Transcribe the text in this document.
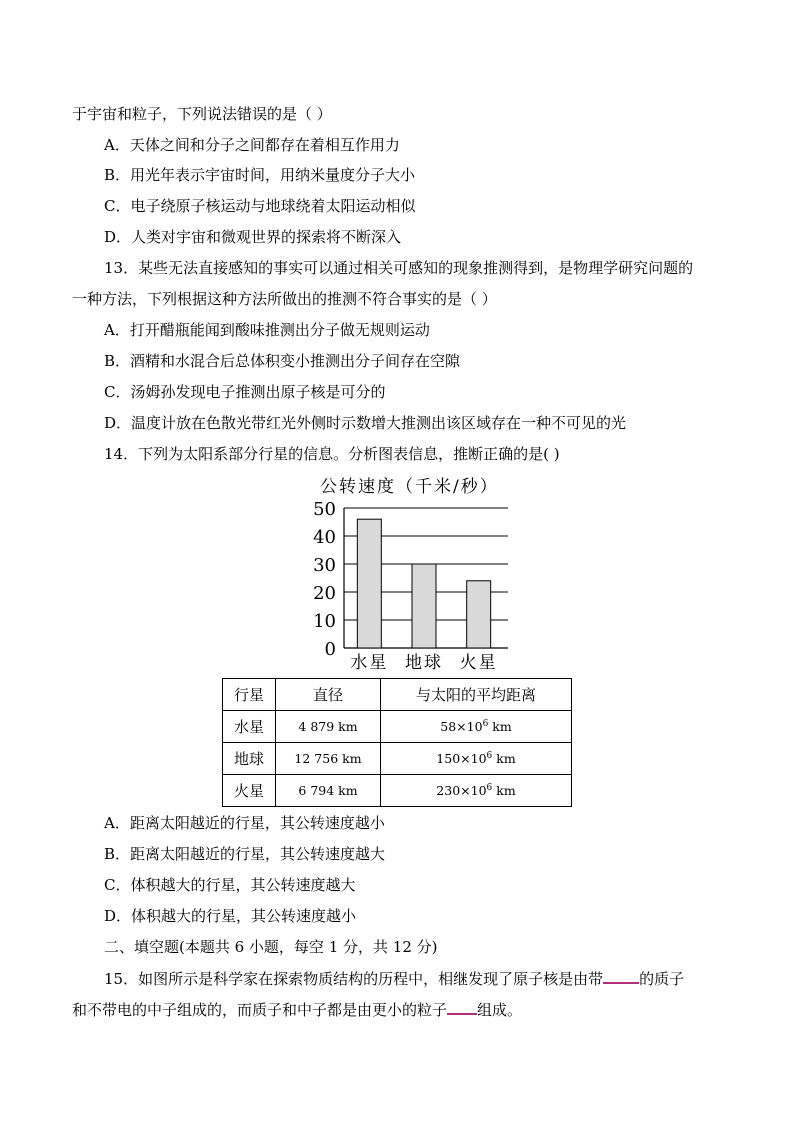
于宇宙和粒子，下列说法错误的是（ ）
A．天体之间和分子之间都存在着相互作用力
B．用光年表示宇宙时间，用纳米量度分子大小
C．电子绕原子核运动与地球绕着太阳运动相似
D．人类对宇宙和微观世界的探索将不断深入
13．某些无法直接感知的事实可以通过相关可感知的现象推测得到，是物理学研究问题的
一种方法，下列根据这种方法所做出的推测不符合事实的是（ ）
A．打开醋瓶能闻到酸味推测出分子做无规则运动
B．酒精和水混合后总体积变小推测出分子间存在空隙
C．汤姆孙发现电子推测出原子核是可分的
D．温度计放在色散光带红光外侧时示数增大推测出该区域存在一种不可见的光
14．下列为太阳系部分行星的信息。分析图表信息，推断正确的是( )
公转速度（千米/秒）
0
10
20
30
40
50
水星 地球 火星
行星	直径	与太阳的平均距离
水星	4 879 km	$58\times 10^6$ km
地球	12 756 km	$150\times 10^6$ km
火星	6 794 km	$230\times 10^6$ km
A．距离太阳越近的行星，其公转速度越小
B．距离太阳越近的行星，其公转速度越大
C．体积越大的行星，其公转速度越大
D．体积越大的行星，其公转速度越小
二、填空题(本题共 6 小题，每空 1 分，共 12 分)
15．如图所示是科学家在探索物质结构的历程中，相继发现了原子核是由带 的质子
和不带电的中子组成的，而质子和中子都是由更小的粒子 组成。
